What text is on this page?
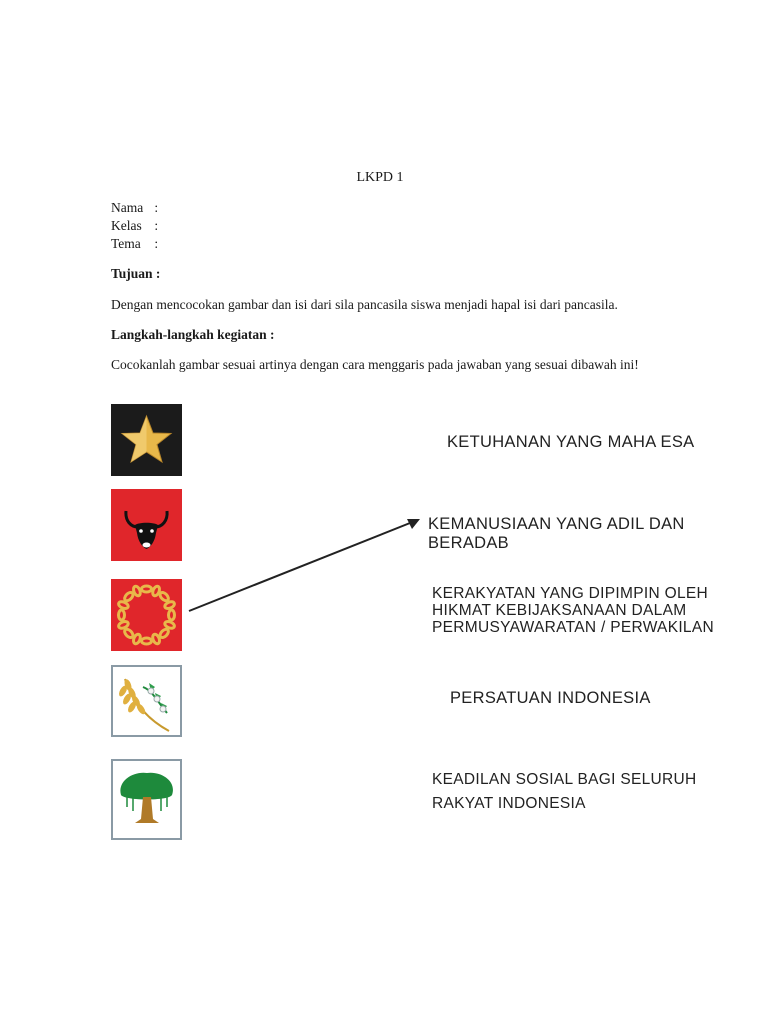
LKPD 1
Nama :
Kelas :
Tema :
Tujuan :
Dengan mencocokan gambar dan isi dari sila pancasila siswa menjadi hapal isi dari pancasila.
Langkah-langkah kegiatan :
Cocokanlah gambar sesuai artinya dengan cara menggaris pada jawaban yang sesuai dibawah ini!
KETUHANAN YANG MAHA ESA
KEMANUSIAAN YANG ADIL DAN BERADAB
KERAKYATAN YANG DIPIMPIN OLEH
HIKMAT KEBIJAKSANAAN DALAM
PERMUSYAWARATAN / PERWAKILAN
PERSATUAN INDONESIA
KEADILAN SOSIAL BAGI SELURUH
RAKYAT INDONESIA
